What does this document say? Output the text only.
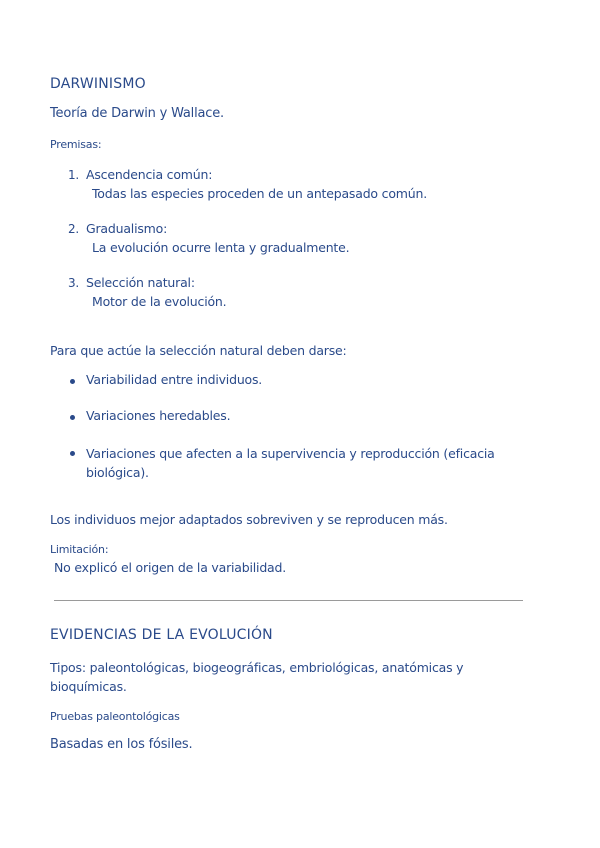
DARWINISMO
Teoría de Darwin y Wallace.
Premisas:
1. Ascendencia común:
Todas las especies proceden de un antepasado común.
2. Gradualismo:
La evolución ocurre lenta y gradualmente.
3. Selección natural:
Motor de la evolución.
Para que actúe la selección natural deben darse:
Variabilidad entre individuos.
Variaciones heredables.
Variaciones que afecten a la supervivencia y reproducción (eficacia biológica).
Los individuos mejor adaptados sobreviven y se reproducen más.
Limitación:
No explicó el origen de la variabilidad.
EVIDENCIAS DE LA EVOLUCIÓN
Tipos: paleontológicas, biogeográficas, embriológicas, anatómicas y bioquímicas.
Pruebas paleontológicas
Basadas en los fósiles.
